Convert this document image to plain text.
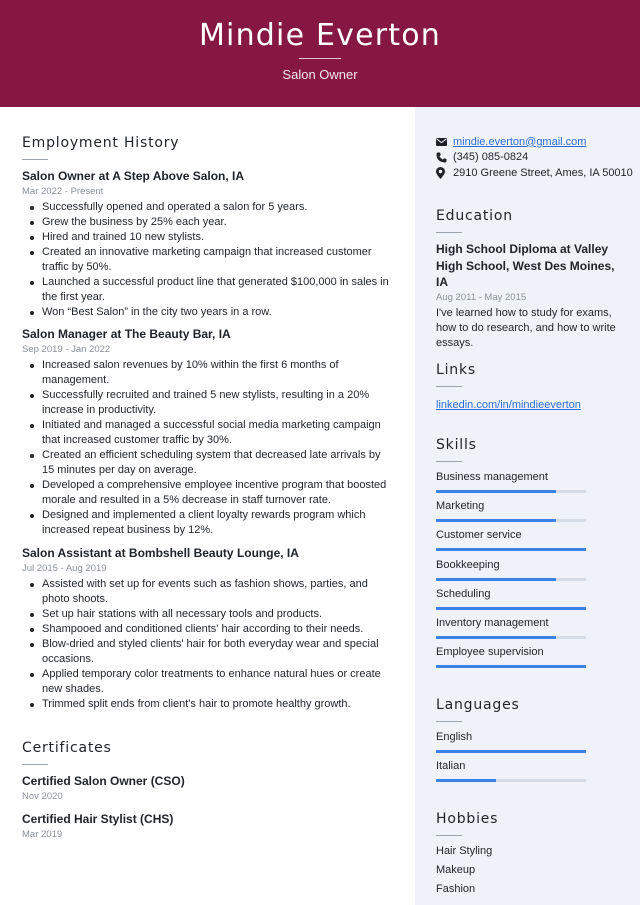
Mindie Everton
Salon Owner
Employment History
Salon Owner at A Step Above Salon, IA
Mar 2022 - Present
Successfully opened and operated a salon for 5 years.
Grew the business by 25% each year.
Hired and trained 10 new stylists.
Created an innovative marketing campaign that increased customer traffic by 50%.
Launched a successful product line that generated $100,000 in sales in the first year.
Won “Best Salon” in the city two years in a row.
Salon Manager at The Beauty Bar, IA
Sep 2019 - Jan 2022
Increased salon revenues by 10% within the first 6 months of management.
Successfully recruited and trained 5 new stylists, resulting in a 20% increase in productivity.
Initiated and managed a successful social media marketing campaign that increased customer traffic by 30%.
Created an efficient scheduling system that decreased late arrivals by 15 minutes per day on average.
Developed a comprehensive employee incentive program that boosted morale and resulted in a 5% decrease in staff turnover rate.
Designed and implemented a client loyalty rewards program which increased repeat business by 12%.
Salon Assistant at Bombshell Beauty Lounge, IA
Jul 2015 - Aug 2019
Assisted with set up for events such as fashion shows, parties, and photo shoots.
Set up hair stations with all necessary tools and products.
Shampooed and conditioned clients' hair according to their needs.
Blow-dried and styled clients' hair for both everyday wear and special occasions.
Applied temporary color treatments to enhance natural hues or create new shades.
Trimmed split ends from client's hair to promote healthy growth.
Certificates
Certified Salon Owner (CSO)
Nov 2020
Certified Hair Stylist (CHS)
Mar 2019
mindie.everton@gmail.com
(345) 085-0824
2910 Greene Street, Ames, IA 50010
Education
High School Diploma at Valley High School, West Des Moines, IA
Aug 2011 - May 2015
I've learned how to study for exams, how to do research, and how to write essays.
Links
linkedin.com/in/mindieeverton
Skills
Business management
Marketing
Customer service
Bookkeeping
Scheduling
Inventory management
Employee supervision
Languages
English
Italian
Hobbies
Hair Styling
Makeup
Fashion
